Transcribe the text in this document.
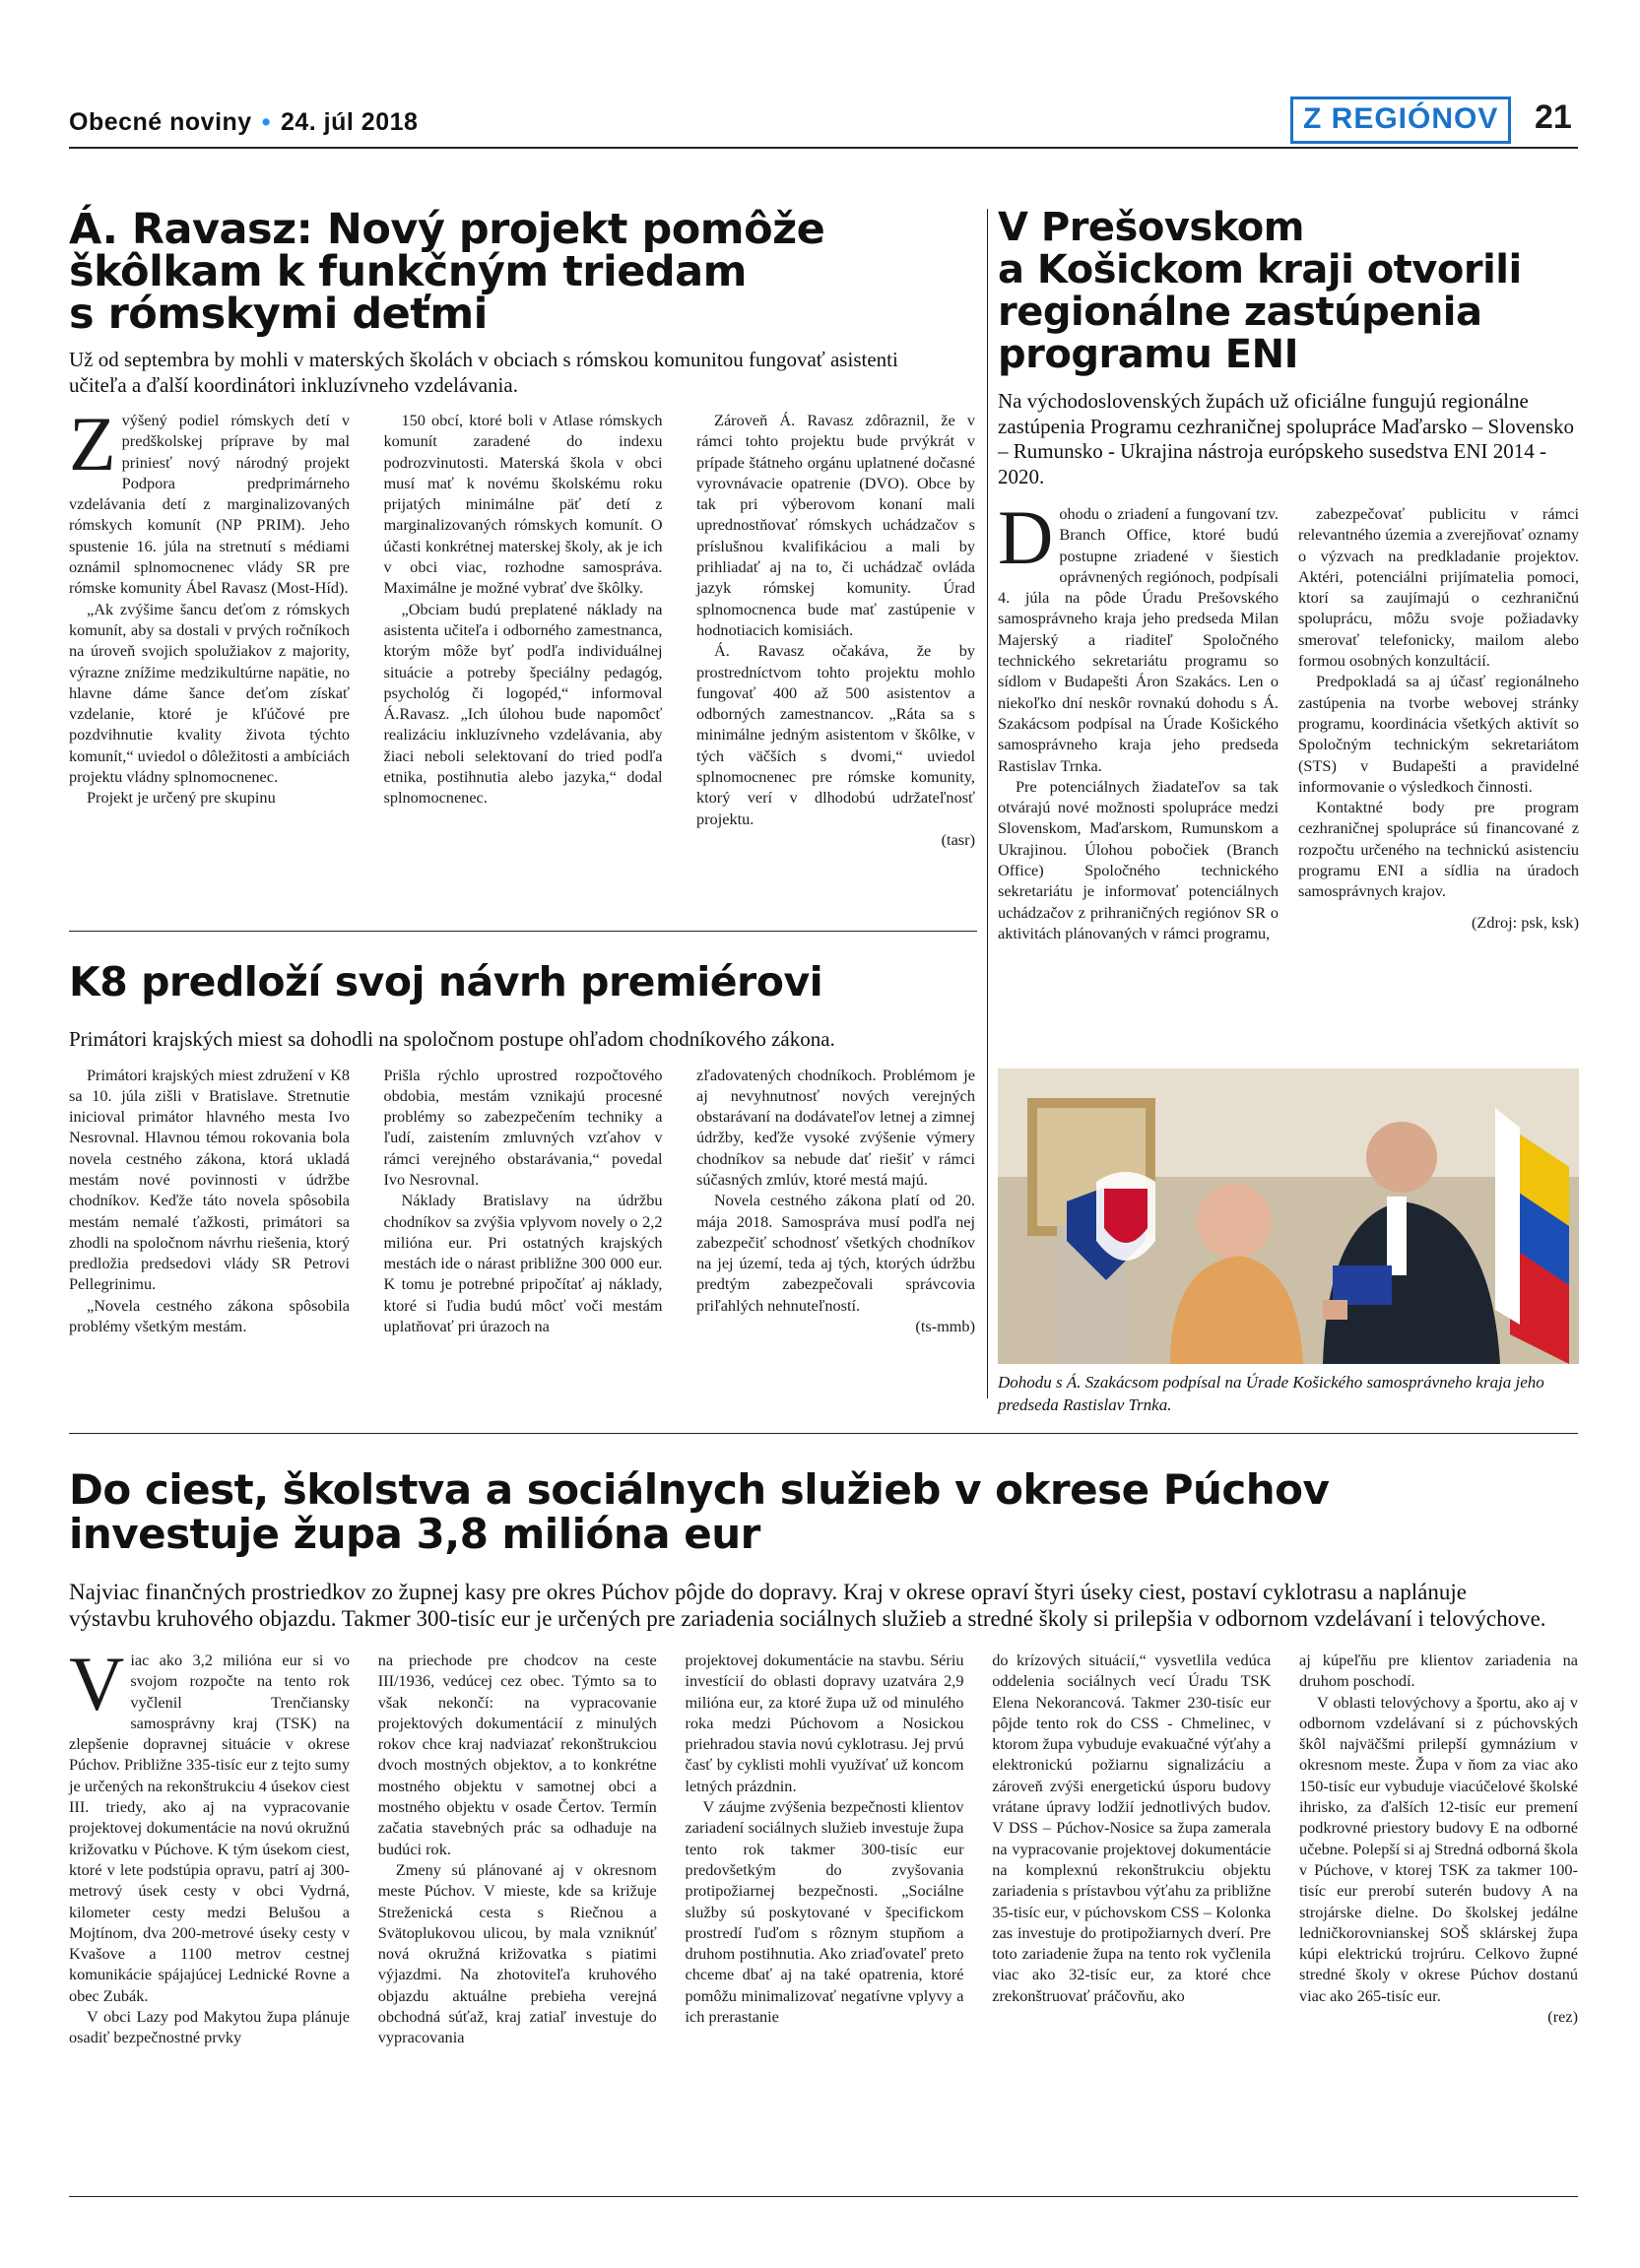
Obecné noviny • 24. júl 2018	Z REGIÓNOV	21
Á. Ravasz: Nový projekt pomôže
škôlkam k funkčným triedam
s rómskymi deťmi

Už od septembra by mohli v materských školách v obciach s rómskou komunitou fungovať asistenti učiteľa a ďalší koordinátori inkluzívneho vzdelávania.

Zvýšený podiel rómskych detí v predškolskej príprave by mal priniesť nový národný projekt Podpora predprimárneho vzdelávania detí z marginalizovaných rómskych komunít (NP PRIM). Jeho spustenie 16. júla na stretnutí s médiami oznámil splnomocnenec vlády SR pre rómske komunity Ábel Ravasz (Most-Híd).

„Ak zvýšime šancu deťom z rómskych komunít, aby sa dostali v prvých ročníkoch na úroveň svojich spolužiakov z majority, výrazne znížime medzikultúrne napätie, no hlavne dáme šance deťom získať vzdelanie, ktoré je kľúčové pre pozdvihnutie kvality života týchto komunít,“ uviedol o dôležitosti a ambíciách projektu vládny splnomocnenec.

Projekt je určený pre skupinu

150 obcí, ktoré boli v Atlase rómskych komunít zaradené do indexu podrozvinutosti. Materská škola v obci musí mať k novému školskému roku prijatých minimálne päť detí z marginalizovaných rómskych komunít. O účasti konkrétnej materskej školy, ak je ich v obci viac, rozhodne samospráva. Maximálne je možné vybrať dve škôlky.

„Obciam budú preplatené náklady na asistenta učiteľa i odborného zamestnanca, ktorým môže byť podľa individuálnej situácie a potreby špeciálny pedagóg, psychológ či logopéd,“ informoval Á.Ravasz. „Ich úlohou bude napomôcť realizáciu inkluzívneho vzdelávania, aby žiaci neboli selektovaní do tried podľa etnika, postihnutia alebo jazyka,“ dodal splnomocnenec.

Zároveň Á. Ravasz zdôraznil, že v rámci tohto projektu bude prvýkrát v prípade štátneho orgánu uplatnené dočasné vyrovnávacie opatrenie (DVO). Obce by tak pri výberovom konaní mali uprednostňovať rómskych uchádzačov s príslušnou kvalifikáciou a mali by prihliadať aj na to, či uchádzač ovláda jazyk rómskej komunity. Úrad splnomocnenca bude mať zastúpenie v hodnotiacich komisiách.

Á. Ravasz očakáva, že by prostredníctvom tohto projektu mohlo fungovať 400 až 500 asistentov a odborných zamestnancov. „Ráta sa s minimálne jedným asistentom v škôlke, v tých väčších s dvomi,“ uviedol splnomocnenec pre rómske komunity, ktorý verí v dlhodobú udržateľnosť projektu.

(tasr)

V Prešovskom
a Košickom kraji otvorili
regionálne zastúpenia
programu ENI

Na východoslovenských župách už oficiálne fungujú regionálne zastúpenia Programu cezhraničnej spolupráce Maďarsko – Slovensko – Rumunsko - Ukrajina nástroja európskeho susedstva ENI 2014 - 2020.

Dohodu o zriadení a fungovaní tzv. Branch Office, ktoré budú postupne zriadené v šiestich oprávnených regiónoch, podpísali 4. júla na pôde Úradu Prešovského samosprávneho kraja jeho predseda Milan Majerský a riaditeľ Spoločného technického sekretariátu programu so sídlom v Budapešti Áron Szakács. Len o niekoľko dní neskôr rovnakú dohodu s Á. Szakácsom podpísal na Úrade Košického samosprávneho kraja jeho predseda Rastislav Trnka.

Pre potenciálnych žiadateľov sa tak otvárajú nové možnosti spolupráce medzi Slovenskom, Maďarskom, Rumunskom a Ukrajinou. Úlohou pobočiek (Branch Office) Spoločného technického sekretariátu je informovať potenciálnych uchádzačov z prihraničných regiónov SR o aktivitách plánovaných v rámci programu,

zabezpečovať publicitu v rámci relevantného územia a zverejňovať oznamy o výzvach na predkladanie projektov. Aktéri, potenciálni prijímatelia pomoci, ktorí sa zaujímajú o cezhraničnú spoluprácu, môžu svoje požiadavky smerovať telefonicky, mailom alebo formou osobných konzultácií.

Predpokladá sa aj účasť regionálneho zastúpenia na tvorbe webovej stránky programu, koordinácia všetkých aktivít so Spoločným technickým sekretariátom (STS) v Budapešti a pravidelné informovanie o výsledkoch činnosti.

Kontaktné body pre program cezhraničnej spolupráce sú financované z rozpočtu určeného na technickú asistenciu programu ENI a sídlia na úradoch samosprávnych krajov.

(Zdroj: psk, ksk)

Dohodu s Á. Szakácsom podpísal na Úrade Košického samosprávneho kraja jeho predseda Rastislav Trnka.
K8 predloží svoj návrh premiérovi

Primátori krajských miest sa dohodli na spoločnom postupe ohľadom chodníkového zákona.

Primátori krajských miest združení v K8 sa 10. júla zišli v Bratislave. Stretnutie inicioval primátor hlavného mesta Ivo Nesrovnal. Hlavnou témou rokovania bola novela cestného zákona, ktorá ukladá mestám nové povinnosti v údržbe chodníkov. Keďže táto novela spôsobila mestám nemalé ťažkosti, primátori sa zhodli na spoločnom návrhu riešenia, ktorý predložia predsedovi vlády SR Petrovi Pellegrinimu.

„Novela cestného zákona spôsobila problémy všetkým mestám.

Prišla rýchlo uprostred rozpočtového obdobia, mestám vznikajú procesné problémy so zabezpečením techniky a ľudí, zaistením zmluvných vzťahov v rámci verejného obstarávania,“ povedal Ivo Nesrovnal.

Náklady Bratislavy na údržbu chodníkov sa zvýšia vplyvom novely o 2,2 milióna eur. Pri ostatných krajských mestách ide o nárast približne 300 000 eur. K tomu je potrebné pripočítať aj náklady, ktoré si ľudia budú môcť voči mestám uplatňovať pri úrazoch na

zľadovatených chodníkoch. Problémom je aj nevyhnutnosť nových verejných obstarávaní na dodávateľov letnej a zimnej údržby, keďže vysoké zvýšenie výmery chodníkov sa nebude dať riešiť v rámci súčasných zmlúv, ktoré mestá majú.

Novela cestného zákona platí od 20. mája 2018. Samospráva musí podľa nej zabezpečiť schodnosť všetkých chodníkov na jej území, teda aj tých, ktorých údržbu predtým zabezpečovali správcovia priľahlých nehnuteľností.

(ts-mmb)

Do ciest, školstva a sociálnych služieb v okrese Púchov
investuje župa 3,8 milióna eur

Najviac finančných prostriedkov zo župnej kasy pre okres Púchov pôjde do dopravy. Kraj v okrese opraví štyri úseky ciest, postaví cyklotrasu a naplánuje výstavbu kruhového objazdu. Takmer 300-tisíc eur je určených pre zariadenia sociálnych služieb a stredné školy si prilepšia v odbornom vzdelávaní i telovýchove.

Viac ako 3,2 milióna eur si vo svojom rozpočte na tento rok vyčlenil Trenčiansky samosprávny kraj (TSK) na zlepšenie dopravnej situácie v okrese Púchov. Približne 335-tisíc eur z tejto sumy je určených na rekonštrukciu 4 úsekov ciest III. triedy, ako aj na vypracovanie projektovej dokumentácie na novú okružnú križovatku v Púchove. K tým úsekom ciest, ktoré v lete podstúpia opravu, patrí aj 300-metrový úsek cesty v obci Vydrná, kilometer cesty medzi Belušou a Mojtínom, dva 200-metrové úseky cesty v Kvašove a 1100 metrov cestnej komunikácie spájajúcej Lednické Rovne a obec Zubák.

V obci Lazy pod Makytou župa plánuje osadiť bezpečnostné prvky

na priechode pre chodcov na ceste III/1936, vedúcej cez obec. Týmto sa to však nekončí: na vypracovanie projektových dokumentácií z minulých rokov chce kraj nadviazať rekonštrukciou dvoch mostných objektov, a to konkrétne mostného objektu v samotnej obci a mostného objektu v osade Čertov. Termín začatia stavebných prác sa odhaduje na budúci rok.

Zmeny sú plánované aj v okresnom meste Púchov. V mieste, kde sa križuje Streženická cesta s Riečnou a Svätoplukovou ulicou, by mala vzniknúť nová okružná križovatka s piatimi výjazdmi. Na zhotoviteľa kruhového objazdu aktuálne prebieha verejná obchodná súťaž, kraj zatiaľ investuje do vypracovania

projektovej dokumentácie na stavbu. Sériu investícií do oblasti dopravy uzatvára 2,9 milióna eur, za ktoré župa už od minulého roka medzi Púchovom a Nosickou priehradou stavia novú cyklotrasu. Jej prvú časť by cyklisti mohli využívať už koncom letných prázdnin.

V záujme zvýšenia bezpečnosti klientov zariadení sociálnych služieb investuje župa tento rok takmer 300-tisíc eur predovšetkým do zvyšovania protipožiarnej bezpečnosti. „Sociálne služby sú poskytované v špecifickom prostredí ľuďom s rôznym stupňom a druhom postihnutia. Ako zriaďovateľ preto chceme dbať aj na také opatrenia, ktoré pomôžu minimalizovať negatívne vplyvy a ich prerastanie

do krízových situácií,“ vysvetlila vedúca oddelenia sociálnych vecí Úradu TSK Elena Nekorancová. Takmer 230-tisíc eur pôjde tento rok do CSS - Chmelinec, v ktorom župa vybuduje evakuačné výťahy a elektronickú požiarnu signalizáciu a zároveň zvýši energetickú úsporu budovy vrátane úpravy lodžií jednotlivých budov. V DSS – Púchov-Nosice sa župa zamerala na vypracovanie projektovej dokumentácie na komplexnú rekonštrukciu objektu zariadenia s prístavbou výťahu za približne 35-tisíc eur, v púchovskom CSS – Kolonka zas investuje do protipožiarnych dverí. Pre toto zariadenie župa na tento rok vyčlenila viac ako 32-tisíc eur, za ktoré chce zrekonštruovať práčovňu, ako

aj kúpeľňu pre klientov zariadenia na druhom poschodí.

V oblasti telovýchovy a športu, ako aj v odbornom vzdelávaní si z púchovských škôl najväčšmi prilepší gymnázium v okresnom meste. Župa v ňom za viac ako 150-tisíc eur vybuduje viacúčelové školské ihrisko, za ďalších 12-tisíc eur premení podkrovné priestory budovy E na odborné učebne. Polepší si aj Stredná odborná škola v Púchove, v ktorej TSK za takmer 100-tisíc eur prerobí suterén budovy A na strojárske dielne. Do školskej jedálne ledničkorovnianskej SOŠ sklárskej župa kúpi elektrickú trojrúru. Celkovo župné stredné školy v okrese Púchov dostanú viac ako 265-tisíc eur.

(rez)
